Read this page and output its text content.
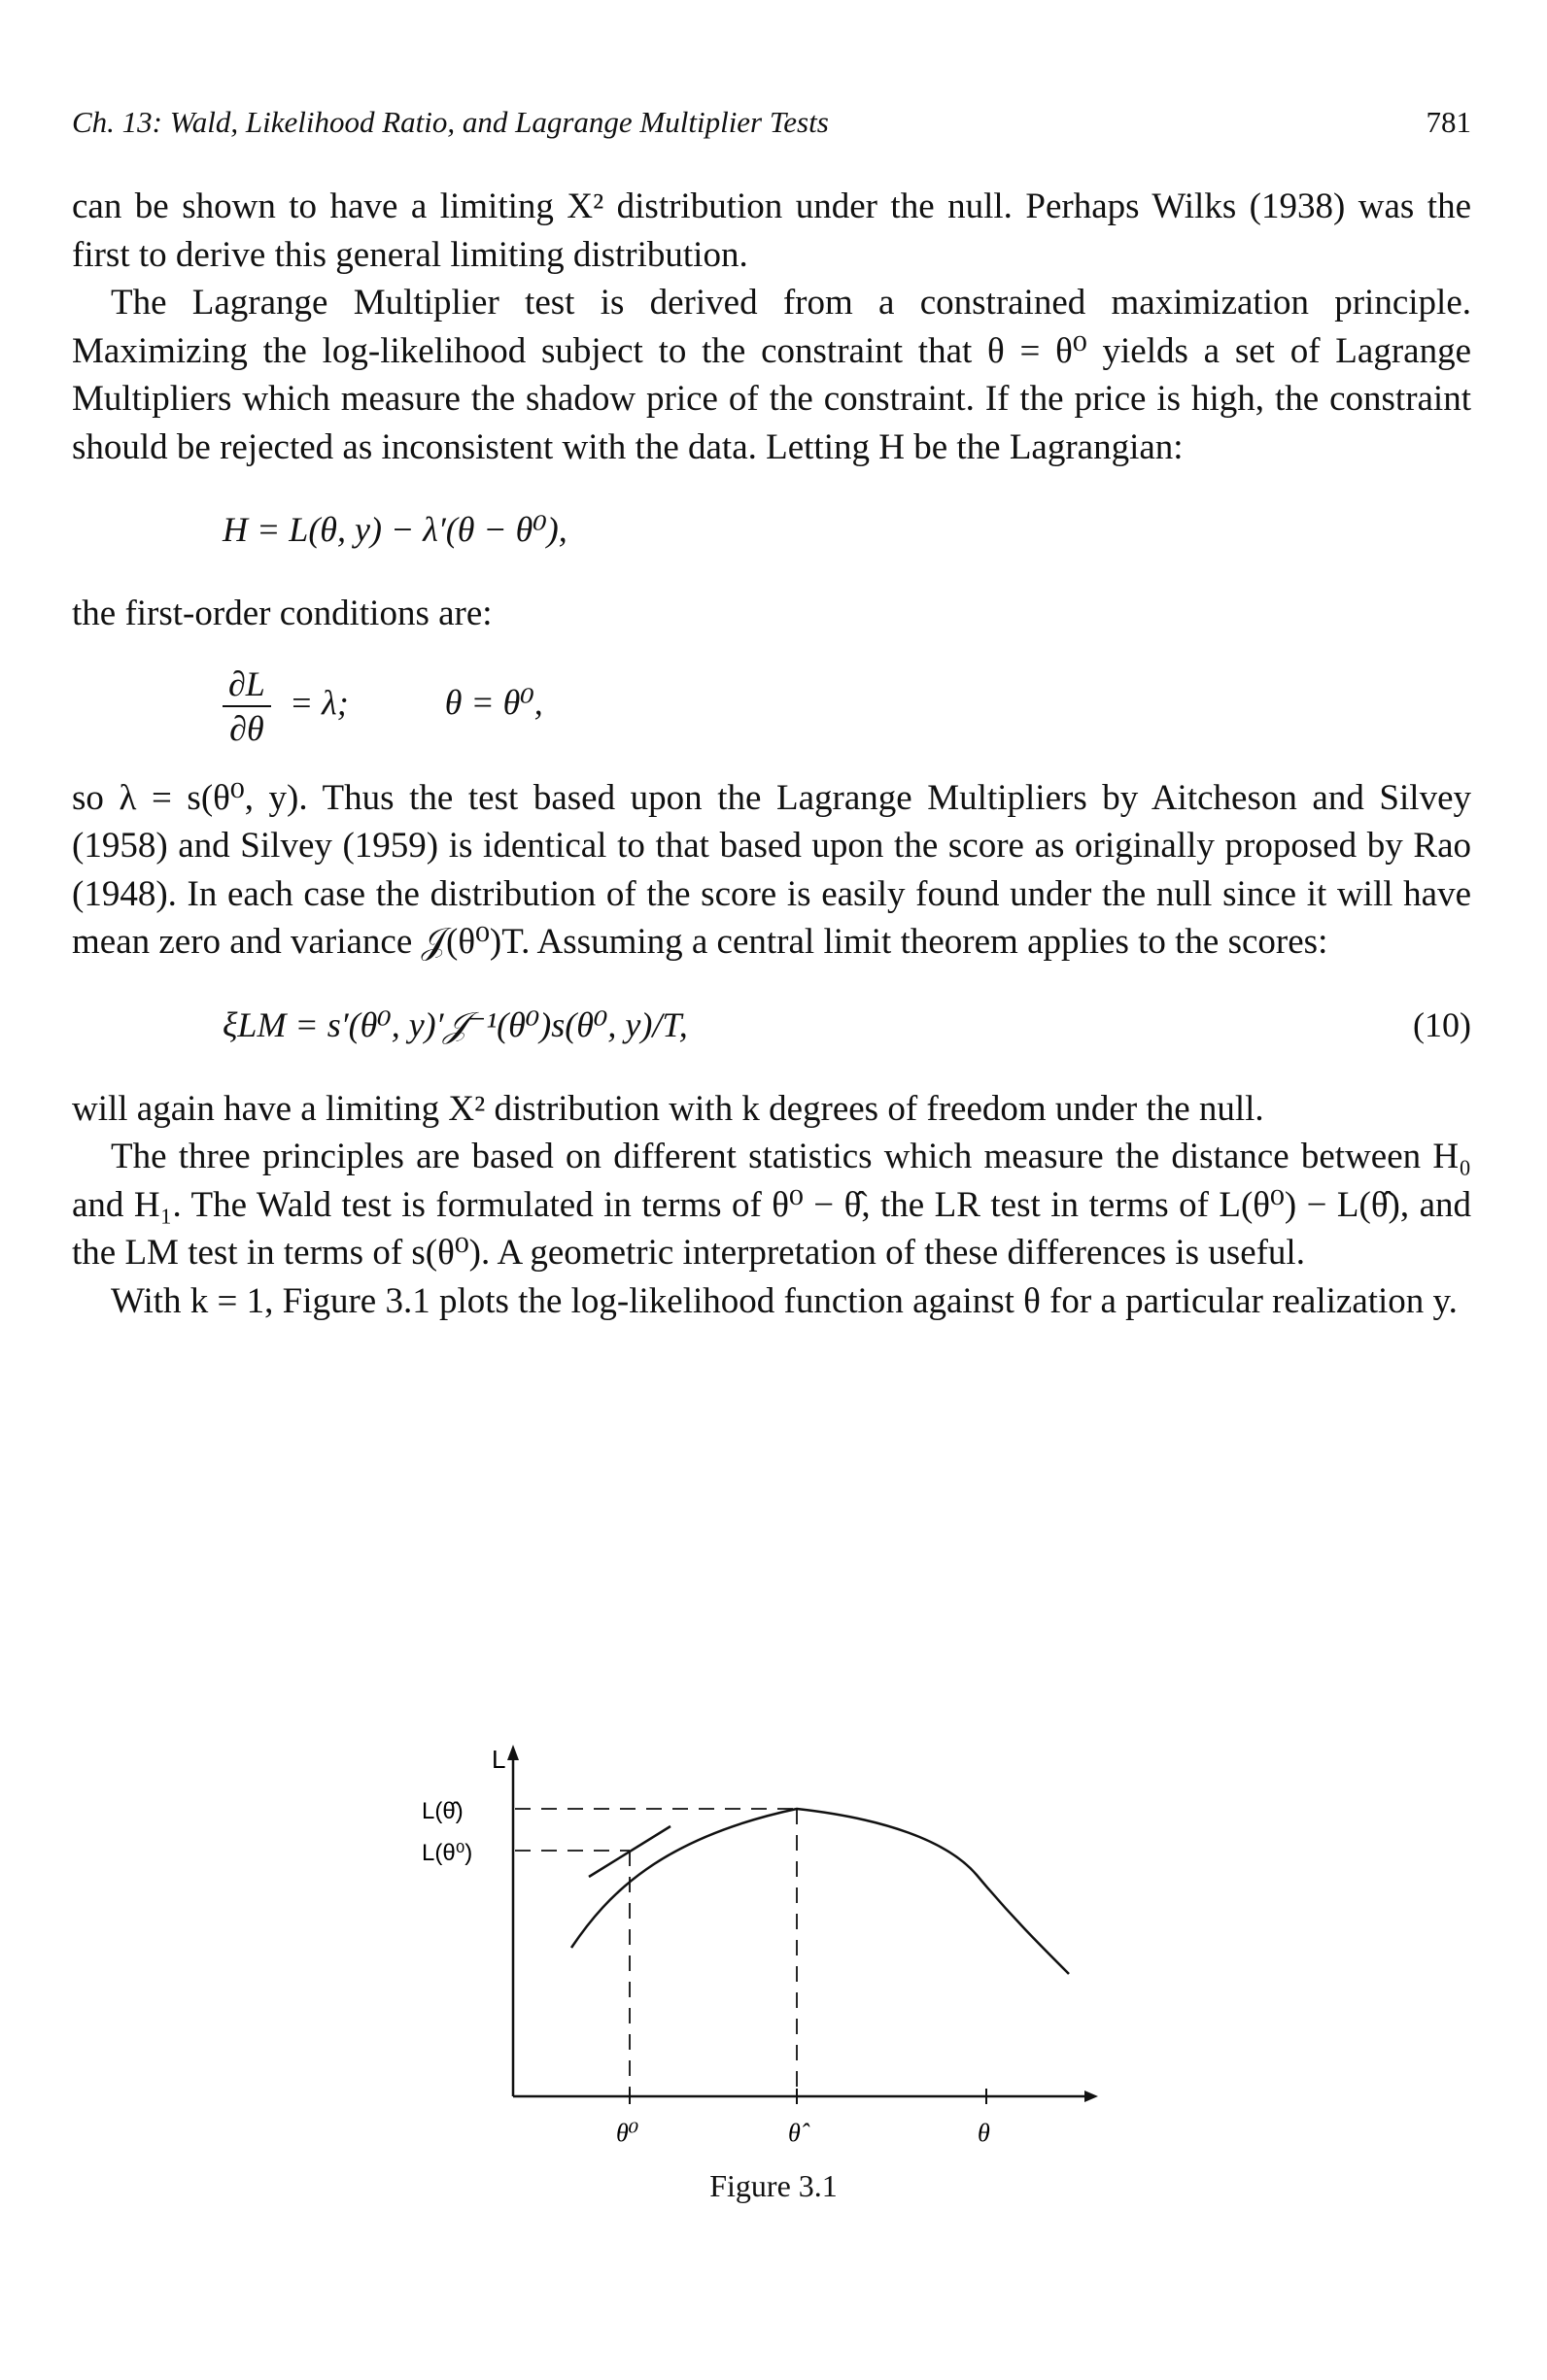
Ch. 13: Wald, Likelihood Ratio, and Lagrange Multiplier Tests	781

can be shown to have a limiting X² distribution under the null. Perhaps Wilks (1938) was the first to derive this general limiting distribution.

The Lagrange Multiplier test is derived from a constrained maximization principle. Maximizing the log-likelihood subject to the constraint that θ = θ⁰ yields a set of Lagrange Multipliers which measure the shadow price of the constraint. If the price is high, the constraint should be rejected as inconsistent with the data. Letting H be the Lagrangian:

H = L(θ, y) − λ′(θ − θ⁰),

the first-order conditions are:

$\frac{\partial L}{\partial\theta} = \lambda$;	θ = θ⁰,

so λ = s(θ⁰, y). Thus the test based upon the Lagrange Multipliers by Aitcheson and Silvey (1958) and Silvey (1959) is identical to that based upon the score as originally proposed by Rao (1948). In each case the distribution of the score is easily found under the null since it will have mean zero and variance 𝒥(θ⁰)T. Assuming a central limit theorem applies to the scores:

ξLM = s′(θ⁰, y)′𝒥⁻¹(θ⁰)s(θ⁰, y)/T,	(10)

will again have a limiting X² distribution with k degrees of freedom under the null.

The three principles are based on different statistics which measure the distance between H₀ and H₁. The Wald test is formulated in terms of θ⁰ − θ̂, the LR test in terms of L(θ⁰) − L(θ̂), and the LM test in terms of s(θ⁰). A geometric interpretation of these differences is useful.

With k = 1, Figure 3.1 plots the log-likelihood function against θ for a particular realization y.

L
L(θ̂)
L(θ⁰)
θ⁰	θ̂	θ
Figure 3.1
